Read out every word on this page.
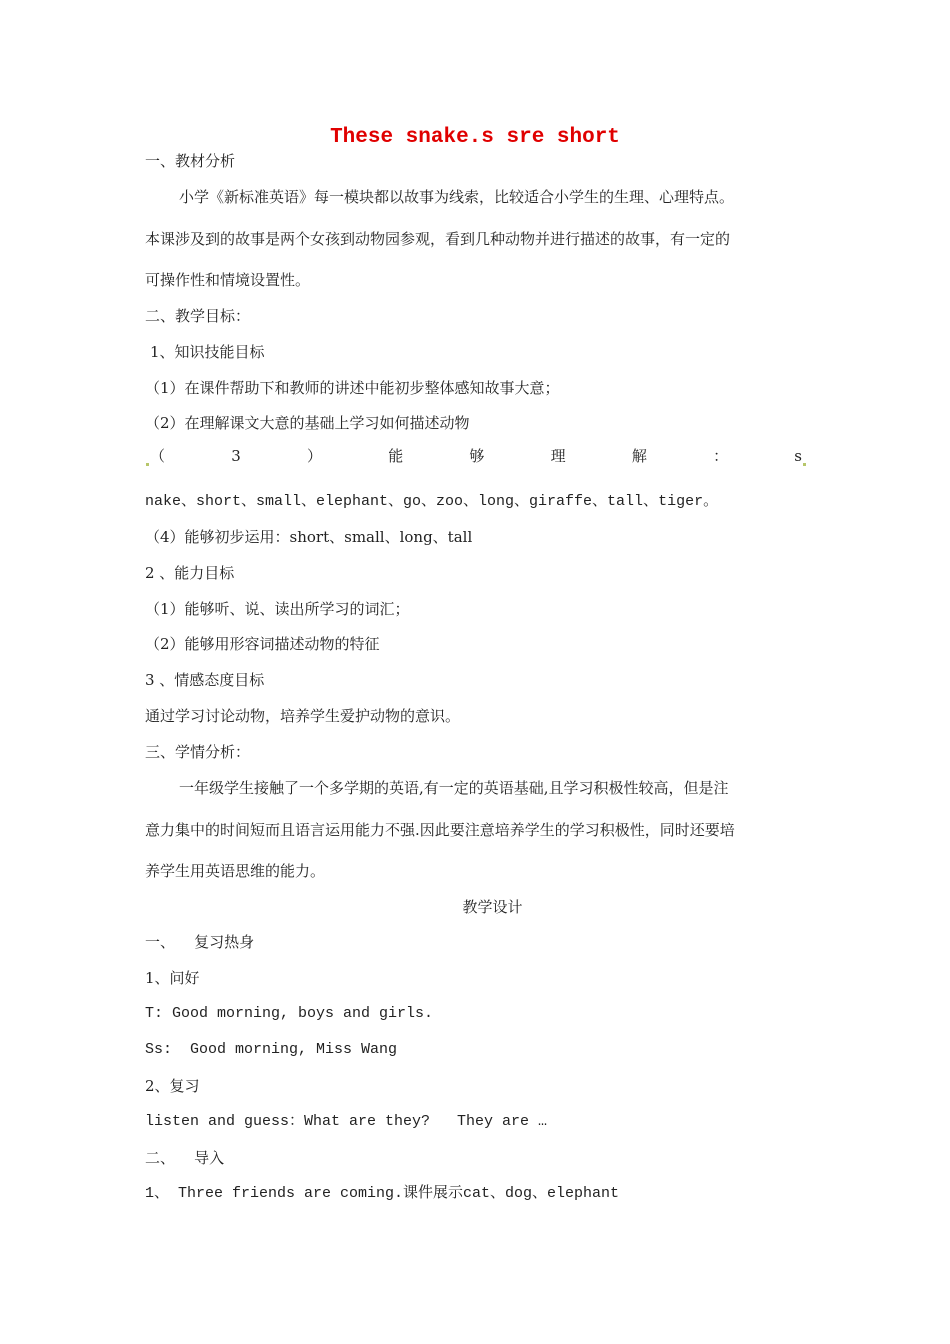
These snake.s sre short
一、教材分析
小学《新标准英语》每一模块都以故事为线索，比较适合小学生的生理、心理特点。
本课涉及到的故事是两个女孩到动物园参观，看到几种动物并进行描述的故事，有一定的
可操作性和情境设置性。
二、教学目标：
1、知识技能目标
（1）在课件帮助下和教师的讲述中能初步整体感知故事大意；
（2）在理解课文大意的基础上学习如何描述动物
（	3	）	能	够	理	解	：	s
nake、short、small、elephant、go、zoo、long、giraffe、tall、tiger。
（4）能够初步运用：short、small、long、tall
2 、能力目标
（1）能够听、说、读出所学习的词汇；
（2）能够用形容词描述动物的特征
3 、情感态度目标
通过学习讨论动物，培养学生爱护动物的意识。
三、学情分析：
一年级学生接触了一个多学期的英语,有一定的英语基础,且学习积极性较高，但是注
意力集中的时间短而且语言运用能力不强.因此要注意培养学生的学习积极性，同时还要培
养学生用英语思维的能力。
教学设计
一、    复习热身
1、问好
T: Good morning, boys and girls.
Ss:  Good morning, Miss Wang
2、复习
listen and guess：What are they?   They are …
二、    导入
1、 Three friends are coming.课件展示cat、dog、elephant
